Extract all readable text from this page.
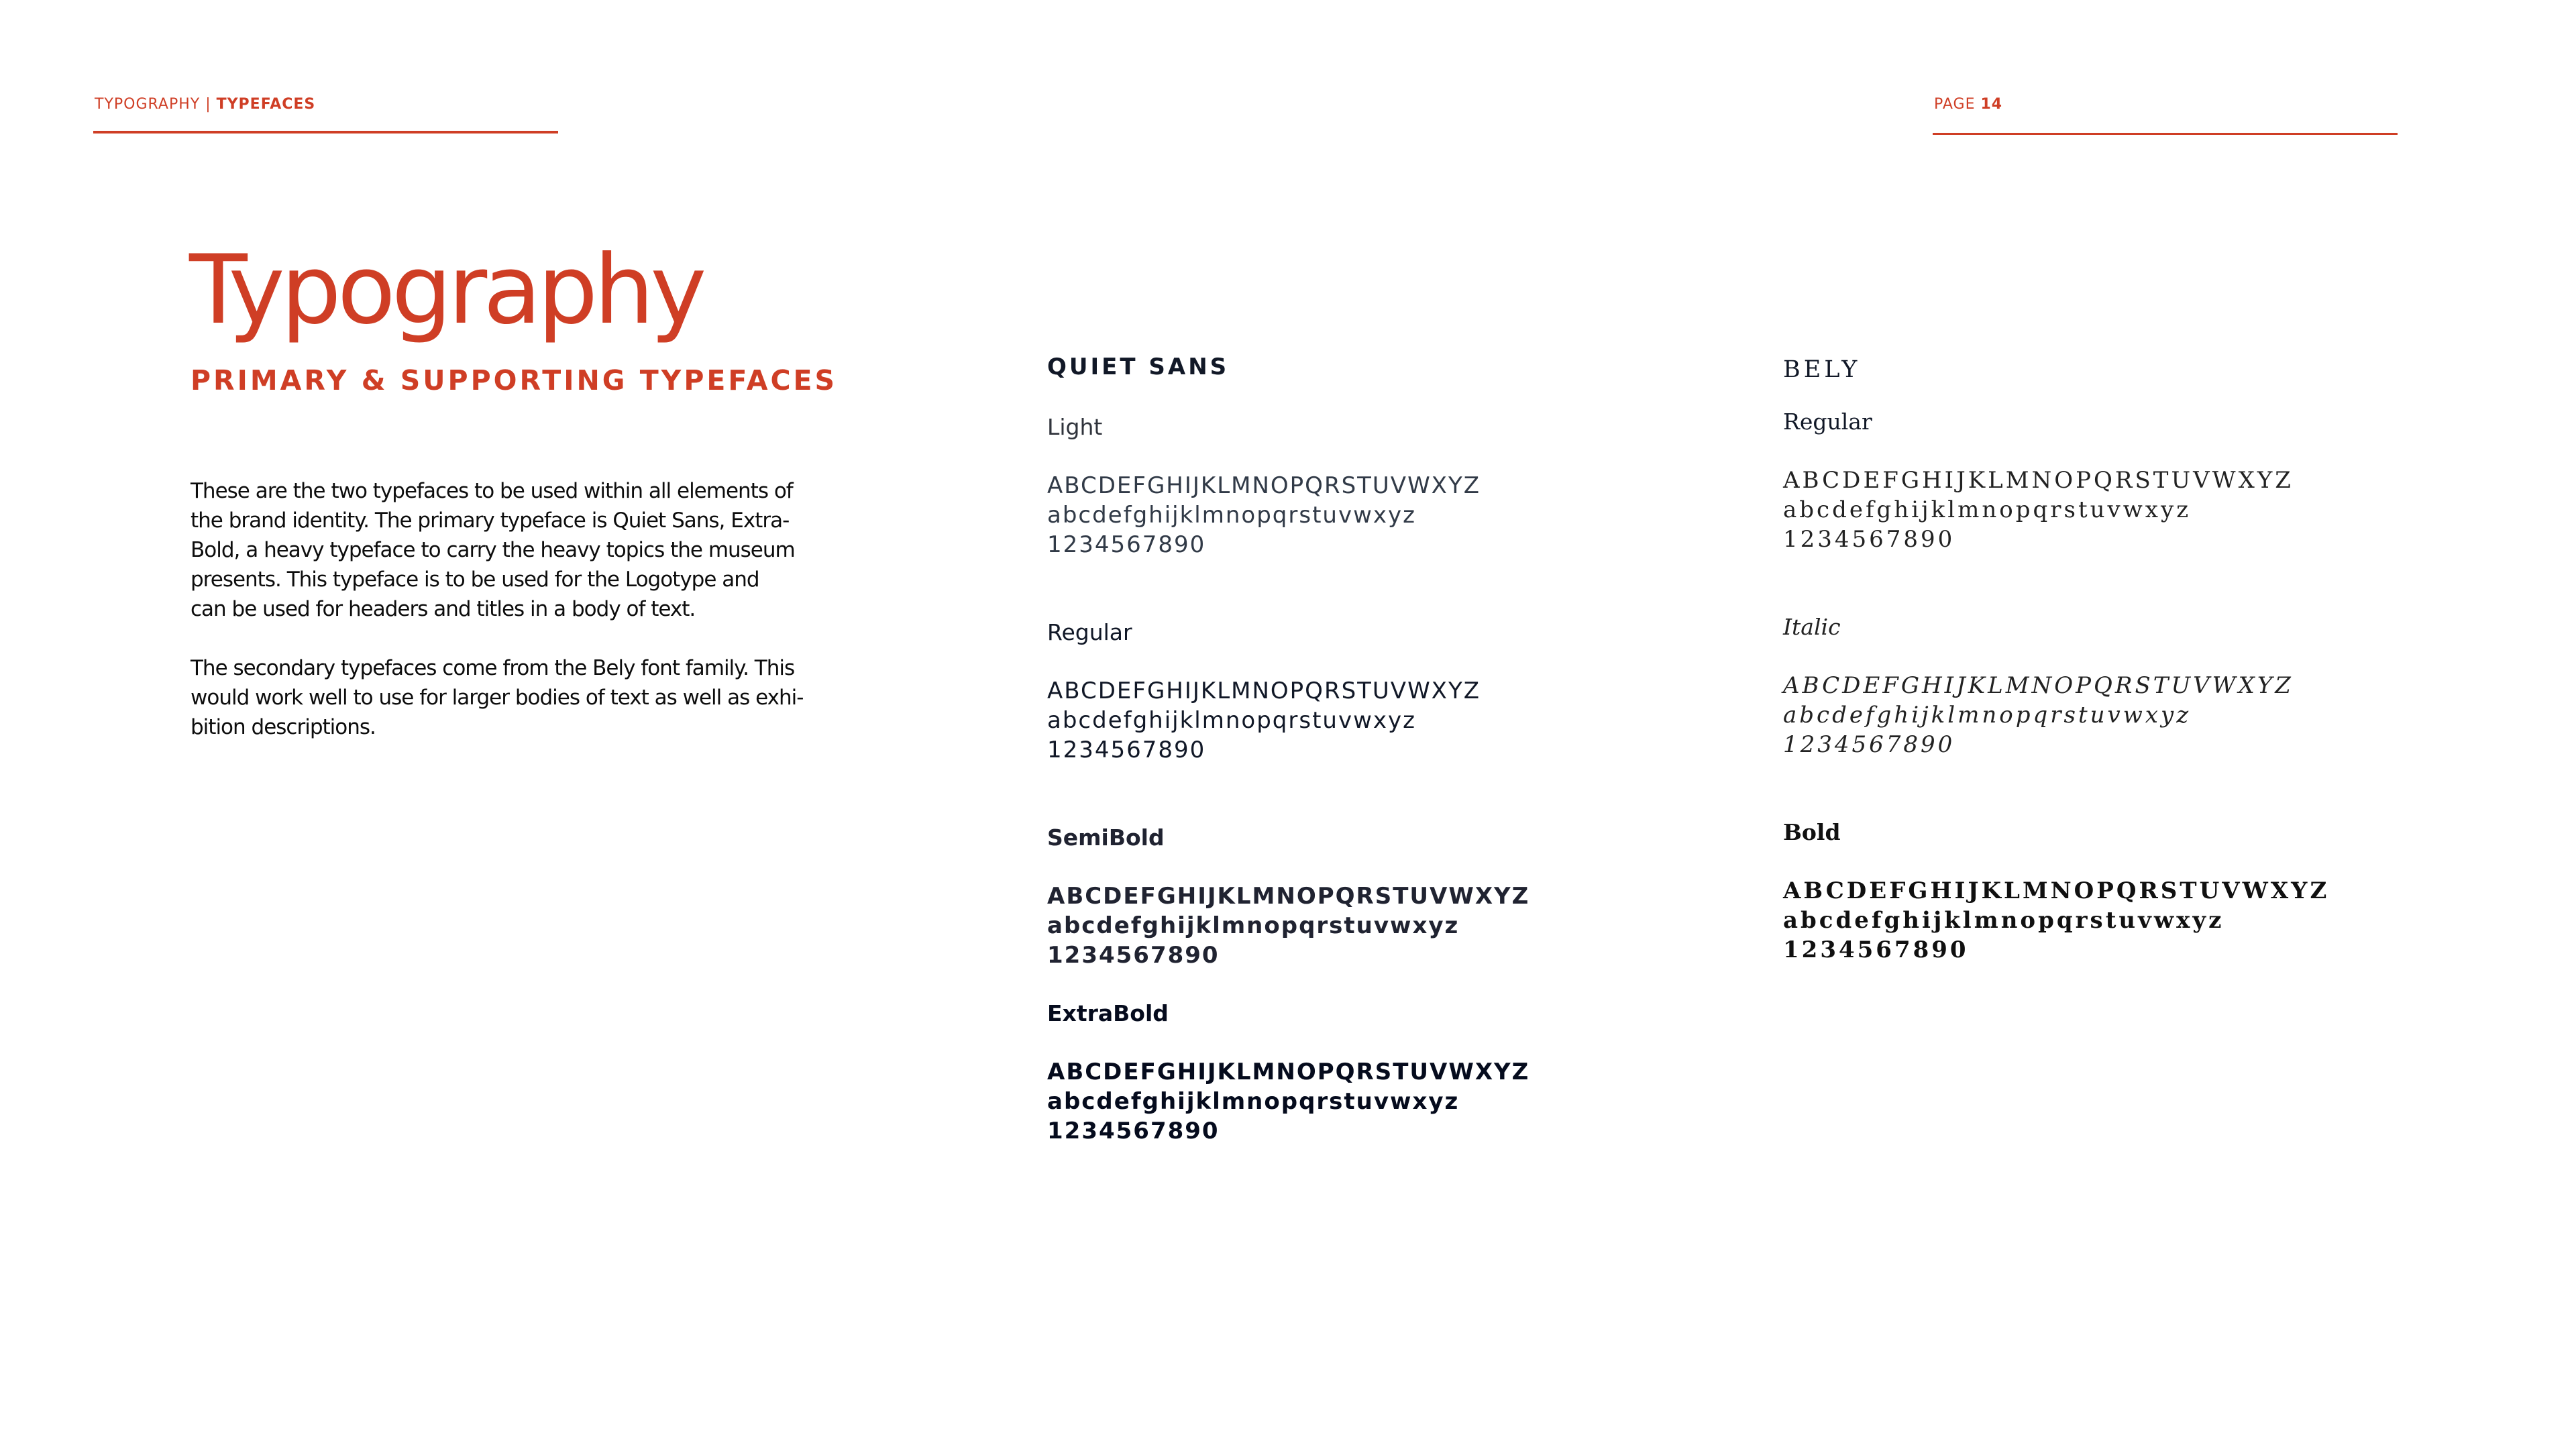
TYPOGRAPHY | TYPEFACES	PAGE 14
Typography
PRIMARY & SUPPORTING TYPEFACES

These are the two typefaces to be used within all elements of
the brand identity. The primary typeface is Quiet Sans, Extra-
Bold, a heavy typeface to carry the heavy topics the museum
presents. This typeface is to be used for the Logotype and
can be used for headers and titles in a body of text.

The secondary typefaces come from the Bely font family. This
would work well to use for larger bodies of text as well as exhi-
bition descriptions.

QUIET SANS
Light
ABCDEFGHIJKLMNOPQRSTUVWXYZ
abcdefghijklmnopqrstuvwxyz
1234567890
Regular
ABCDEFGHIJKLMNOPQRSTUVWXYZ
abcdefghijklmnopqrstuvwxyz
1234567890
SemiBold
ABCDEFGHIJKLMNOPQRSTUVWXYZ
abcdefghijklmnopqrstuvwxyz
1234567890
ExtraBold
ABCDEFGHIJKLMNOPQRSTUVWXYZ
abcdefghijklmnopqrstuvwxyz
1234567890
BELY
Regular
ABCDEFGHIJKLMNOPQRSTUVWXYZ
abcdefghijklmnopqrstuvwxyz
1234567890
Italic
ABCDEFGHIJKLMNOPQRSTUVWXYZ
abcdefghijklmnopqrstuvwxyz
1234567890
Bold
ABCDEFGHIJKLMNOPQRSTUVWXYZ
abcdefghijklmnopqrstuvwxyz
1234567890
